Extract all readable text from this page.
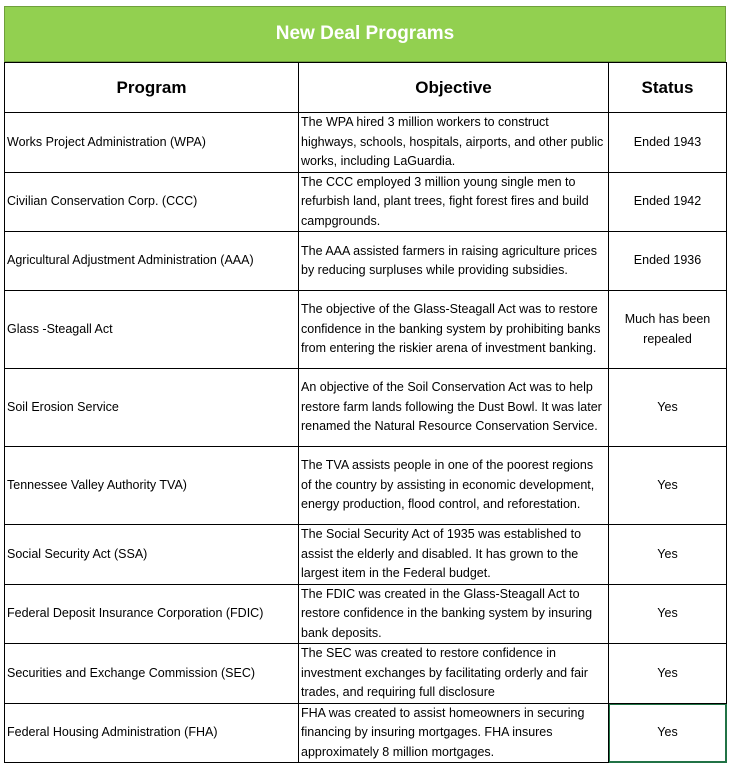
New Deal Programs
Program	Objective	Status
Works Project Administration (WPA)	The WPA hired 3 million workers to construct highways, schools, hospitals, airports, and other public works, including LaGuardia.	Ended 1943
Civilian Conservation Corp. (CCC)	The CCC employed 3 million young single men to refurbish land, plant trees, fight forest fires and build campgrounds.	Ended 1942
Agricultural Adjustment Administration (AAA)	The AAA assisted farmers in raising agriculture prices by reducing surpluses while providing subsidies.	Ended 1936
Glass -Steagall Act	The objective of the Glass-Steagall Act was to restore confidence in the banking system by prohibiting banks from entering the riskier arena of investment banking.	Much has been repealed
Soil Erosion Service	An objective of the Soil Conservation Act was to help restore farm lands following the Dust Bowl. It was later renamed the Natural Resource Conservation Service.	Yes
Tennessee Valley Authority TVA)	The TVA assists people in one of the poorest regions of the country by assisting in economic development, energy production, flood control, and reforestation.	Yes
Social Security Act (SSA)	The Social Security Act of 1935 was established to assist the elderly and disabled. It has grown to the largest item in the Federal budget.	Yes
Federal Deposit Insurance Corporation (FDIC)	The FDIC was created in the Glass-Steagall Act to restore confidence in the banking system by insuring bank deposits.	Yes
Securities and Exchange Commission (SEC)	The SEC was created to restore confidence in investment exchanges by facilitating orderly and fair trades, and requiring full disclosure	Yes
Federal Housing Administration (FHA)	FHA was created to assist homeowners in securing financing by insuring mortgages. FHA insures approximately 8 million mortgages.	Yes
